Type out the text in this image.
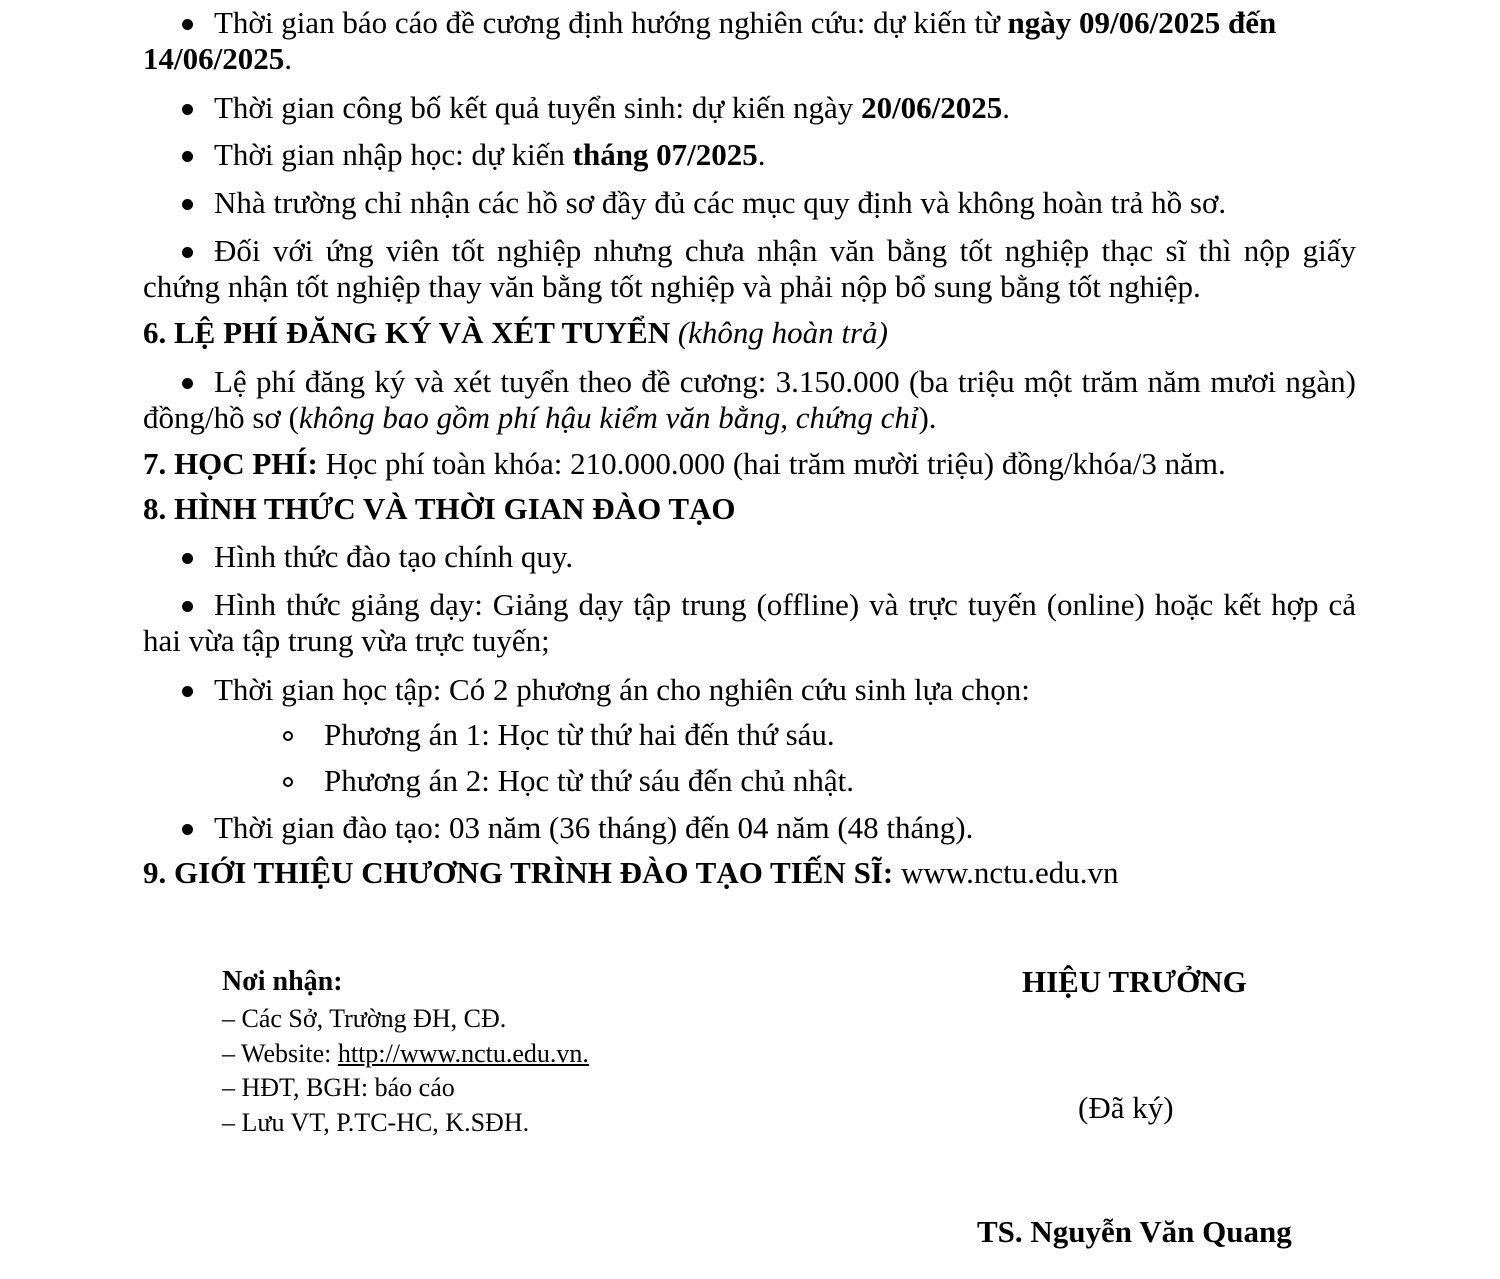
Thời gian báo cáo đề cương định hướng nghiên cứu: dự kiến từ ngày 09/06/2025 đến 14/06/2025.
Thời gian công bố kết quả tuyển sinh: dự kiến ngày 20/06/2025.
Thời gian nhập học: dự kiến tháng 07/2025.
Nhà trường chỉ nhận các hồ sơ đầy đủ các mục quy định và không hoàn trả hồ sơ.
Đối với ứng viên tốt nghiệp nhưng chưa nhận văn bằng tốt nghiệp thạc sĩ thì nộp giấy chứng nhận tốt nghiệp thay văn bằng tốt nghiệp và phải nộp bổ sung bằng tốt nghiệp.
6. LỆ PHÍ ĐĂNG KÝ VÀ XÉT TUYỂN (không hoàn trả)
Lệ phí đăng ký và xét tuyển theo đề cương: 3.150.000 (ba triệu một trăm năm mươi ngàn) đồng/hồ sơ (không bao gồm phí hậu kiểm văn bằng, chứng chỉ).
7. HỌC PHÍ: Học phí toàn khóa: 210.000.000 (hai trăm mười triệu) đồng/khóa/3 năm.
8. HÌNH THỨC VÀ THỜI GIAN ĐÀO TẠO
Hình thức đào tạo chính quy.
Hình thức giảng dạy: Giảng dạy tập trung (offline) và trực tuyến (online) hoặc kết hợp cả hai vừa tập trung vừa trực tuyến;
Thời gian học tập: Có 2 phương án cho nghiên cứu sinh lựa chọn:
Phương án 1: Học từ thứ hai đến thứ sáu.
Phương án 2: Học từ thứ sáu đến chủ nhật.
Thời gian đào tạo: 03 năm (36 tháng) đến 04 năm (48 tháng).
9. GIỚI THIỆU CHƯƠNG TRÌNH ĐÀO TẠO TIẾN SĨ: www.nctu.edu.vn
Nơi nhận:
– Các Sở, Trường ĐH, CĐ.
– Website: http://www.nctu.edu.vn.
– HĐT, BGH: báo cáo
– Lưu VT, P.TC-HC, K.SĐH.
HIỆU TRƯỞNG
(Đã ký)
TS. Nguyễn Văn Quang
